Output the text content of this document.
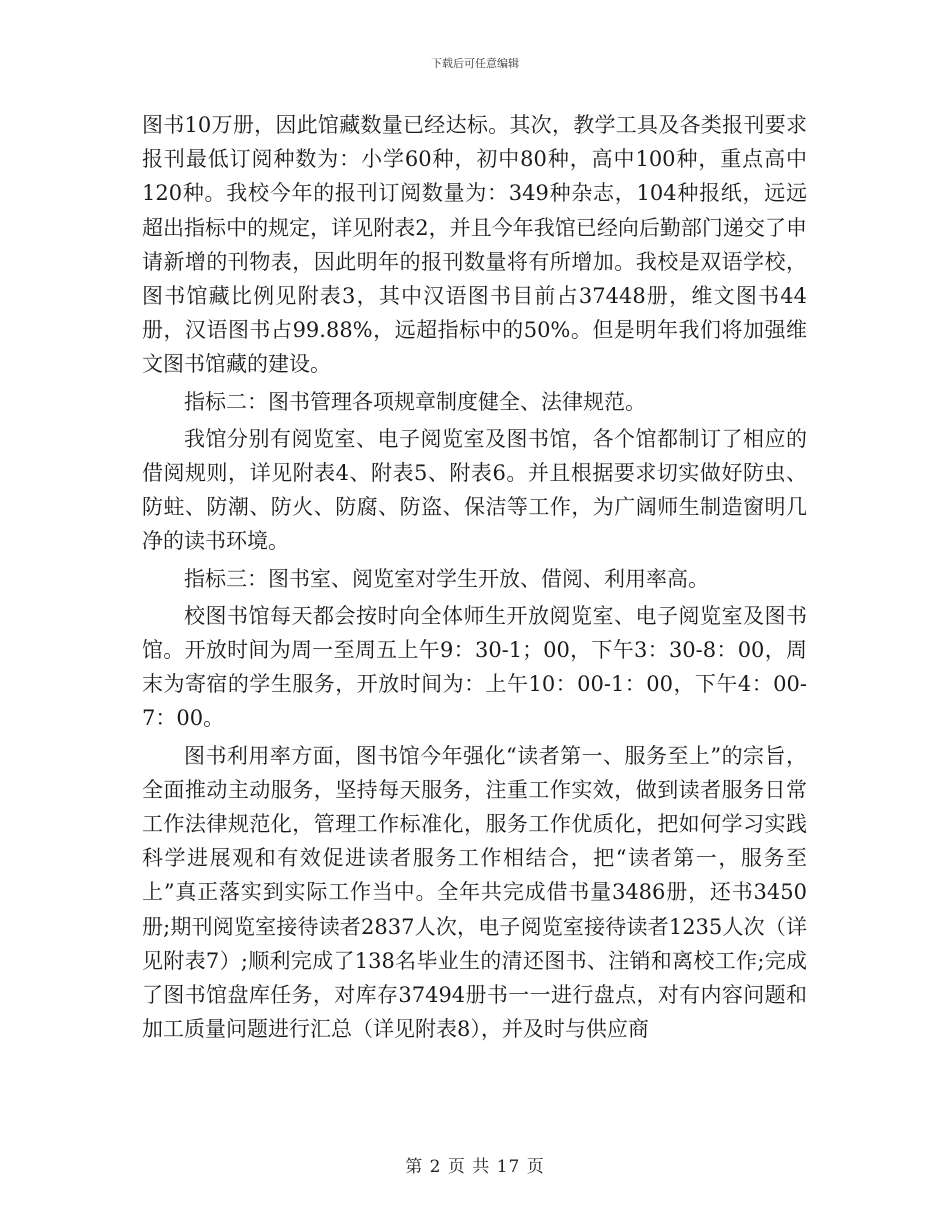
下载后可任意编辑

图书10万册，因此馆藏数量已经达标。其次，教学工具及各类报刊要求报刊最低订阅种数为：小学60种，初中80种，高中100种，重点高中120种。我校今年的报刊订阅数量为：349种杂志，104种报纸，远远超出指标中的规定，详见附表2，并且今年我馆已经向后勤部门递交了申请新增的刊物表，因此明年的报刊数量将有所增加。我校是双语学校，图书馆藏比例见附表3，其中汉语图书目前占37448册，维文图书44册，汉语图书占99.88%，远超指标中的50%。但是明年我们将加强维文图书馆藏的建设。

指标二：图书管理各项规章制度健全、法律规范。

我馆分别有阅览室、电子阅览室及图书馆，各个馆都制订了相应的借阅规则，详见附表4、附表5、附表6。并且根据要求切实做好防虫、防蛀、防潮、防火、防腐、防盗、保洁等工作，为广阔师生制造窗明几净的读书环境。

指标三：图书室、阅览室对学生开放、借阅、利用率高。

校图书馆每天都会按时向全体师生开放阅览室、电子阅览室及图书馆。开放时间为周一至周五上午9：30-1；00，下午3：30-8：00，周末为寄宿的学生服务，开放时间为：上午10：00-1：00，下午4：00-7：00。

图书利用率方面，图书馆今年强化“读者第一、服务至上”的宗旨，全面推动主动服务，坚持每天服务，注重工作实效，做到读者服务日常工作法律规范化，管理工作标准化，服务工作优质化，把如何学习实践科学进展观和有效促进读者服务工作相结合，把“读者第一，服务至上”真正落实到实际工作当中。全年共完成借书量3486册，还书3450册;期刊阅览室接待读者2837人次，电子阅览室接待读者1235人次（详见附表7）;顺利完成了138名毕业生的清还图书、注销和离校工作;完成了图书馆盘库任务，对库存37494册书一一进行盘点，对有内容问题和加工质量问题进行汇总（详见附表8），并及时与供应商

第 2 页 共 17 页
